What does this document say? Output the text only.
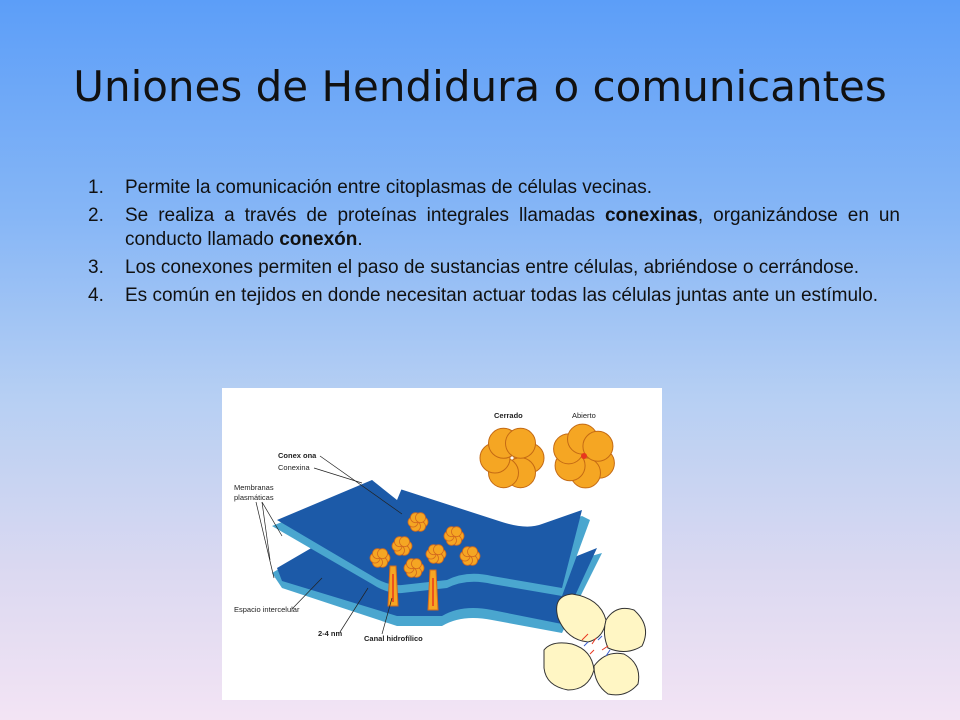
Uniones de Hendidura o comunicantes
1. Permite la comunicación entre citoplasmas de células vecinas.
2. Se realiza a través de proteínas integrales llamadas conexinas, organizándose en un conducto llamado conexón.
3. Los conexones permiten el paso de sustancias entre células, abriéndose o cerrándose.
4. Es común en tejidos en donde necesitan actuar todas las células juntas ante un estímulo.
Cerrado	Abierto
Conex ona
Conexina
Membranas
plasmáticas
Espacio intercelular
2-4 nm
Canal hidrofílico
